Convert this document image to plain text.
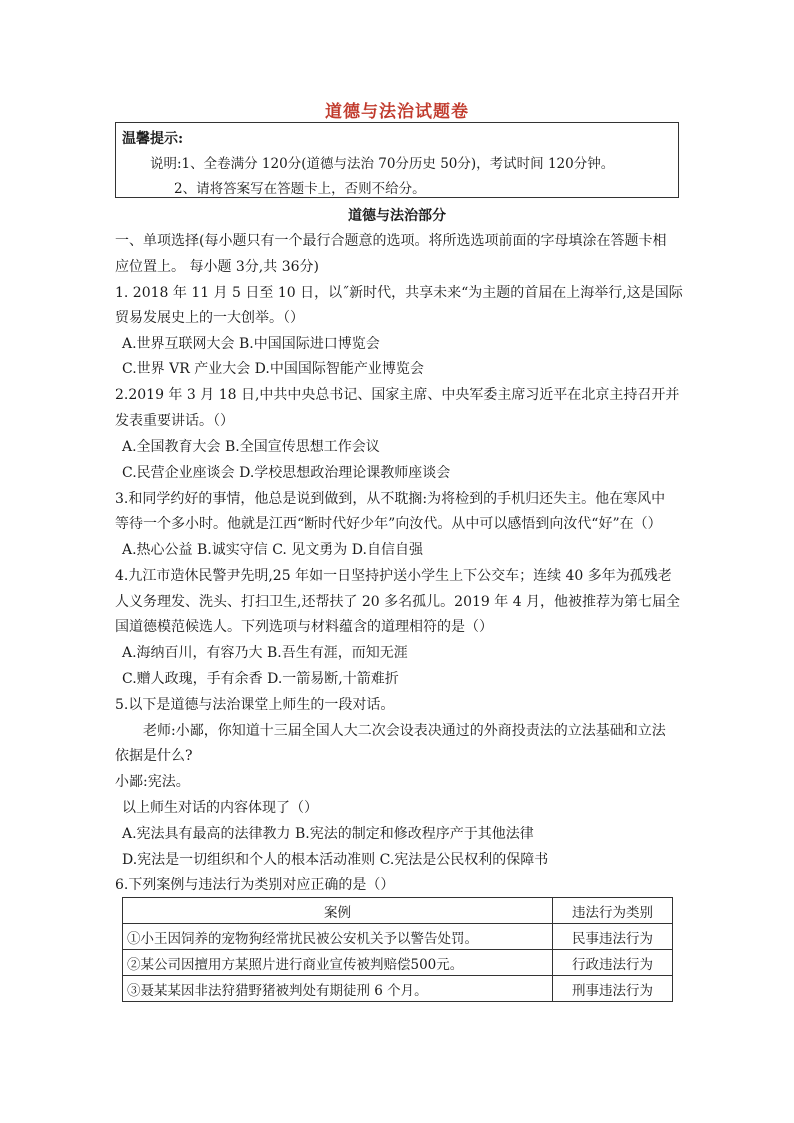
道德与法治试题卷
温馨提示:
说明:1、全卷满分 120分(道德与法治 70分历史 50分)，考试时间 120分钟。
2、请将答案写在答题卡上，否则不给分。
道德与法治部分
一、单项选择(每小题只有一个最行合题意的选项。将所选选项前面的字母填涂在答题卡相
应位置上。 每小题 3分,共 36分)
1. 2018 年 11 月 5 日至 10 日，以˝新时代，共享未来“为主题的首届在上海举行,这是国际
贸易发展史上的一大创举。（）
A.世界互联网大会 B.中国国际进口博览会
C.世界 VR 产业大会 D.中国国际智能产业博览会
2.2019 年 3 月 18 日,中共中央总书记、国家主席、中央军委主席习近平在北京主持召开并
发表重要讲话。（）
A.全国教育大会 B.全国宣传思想工作会议
C.民营企业座谈会 D.学校思想政治理论课教师座谈会
3.和同学约好的事情，他总是说到做到，从不耽搁:为将检到的手机归还失主。他在寒风中
等待一个多小时。他就是江西“断时代好少年”向汝代。从中可以感悟到向汝代“好”在（）
A.热心公益 B.诚实守信 C. 见文勇为 D.自信自强
4.九江市造休民警尹先明,25 年如一日坚持护送小学生上下公交车；连续 40 多年为孤残老
人义务理发、洗头、打扫卫生,还帮扶了 20 多名孤儿。2019 年 4 月，他被推荐为第七届全
国道德模范候选人。下列选项与材料蕴含的道理相符的是（）
A.海纳百川，有容乃大 B.吾生有涯，而知无涯
C.赠人政瑰，手有余香 D.一箭易断,十箭难折
5.以下是道德与法治课堂上师生的一段对话。
老师:小鄙，你知道十三届全国人大二次会设表决通过的外商投责法的立法基础和立法
依据是什么?
小鄙:宪法。
以上师生对话的内容体现了（）
A.宪法具有最高的法律教力 B.宪法的制定和修改程序产于其他法律
D.宪法是一切组织和个人的根本活动准则 C.宪法是公民权利的保障书
6.下列案例与违法行为类别对应正确的是（）
案例	违法行为类别
①小王因饲养的宠物狗经常扰民被公安机关予以警告处罚。	民事违法行为
②某公司因擅用方某照片进行商业宣传被判赔偿500元。	行政违法行为
③聂某某因非法狩猎野猪被判处有期徒刑 6 个月。	刑事违法行为
